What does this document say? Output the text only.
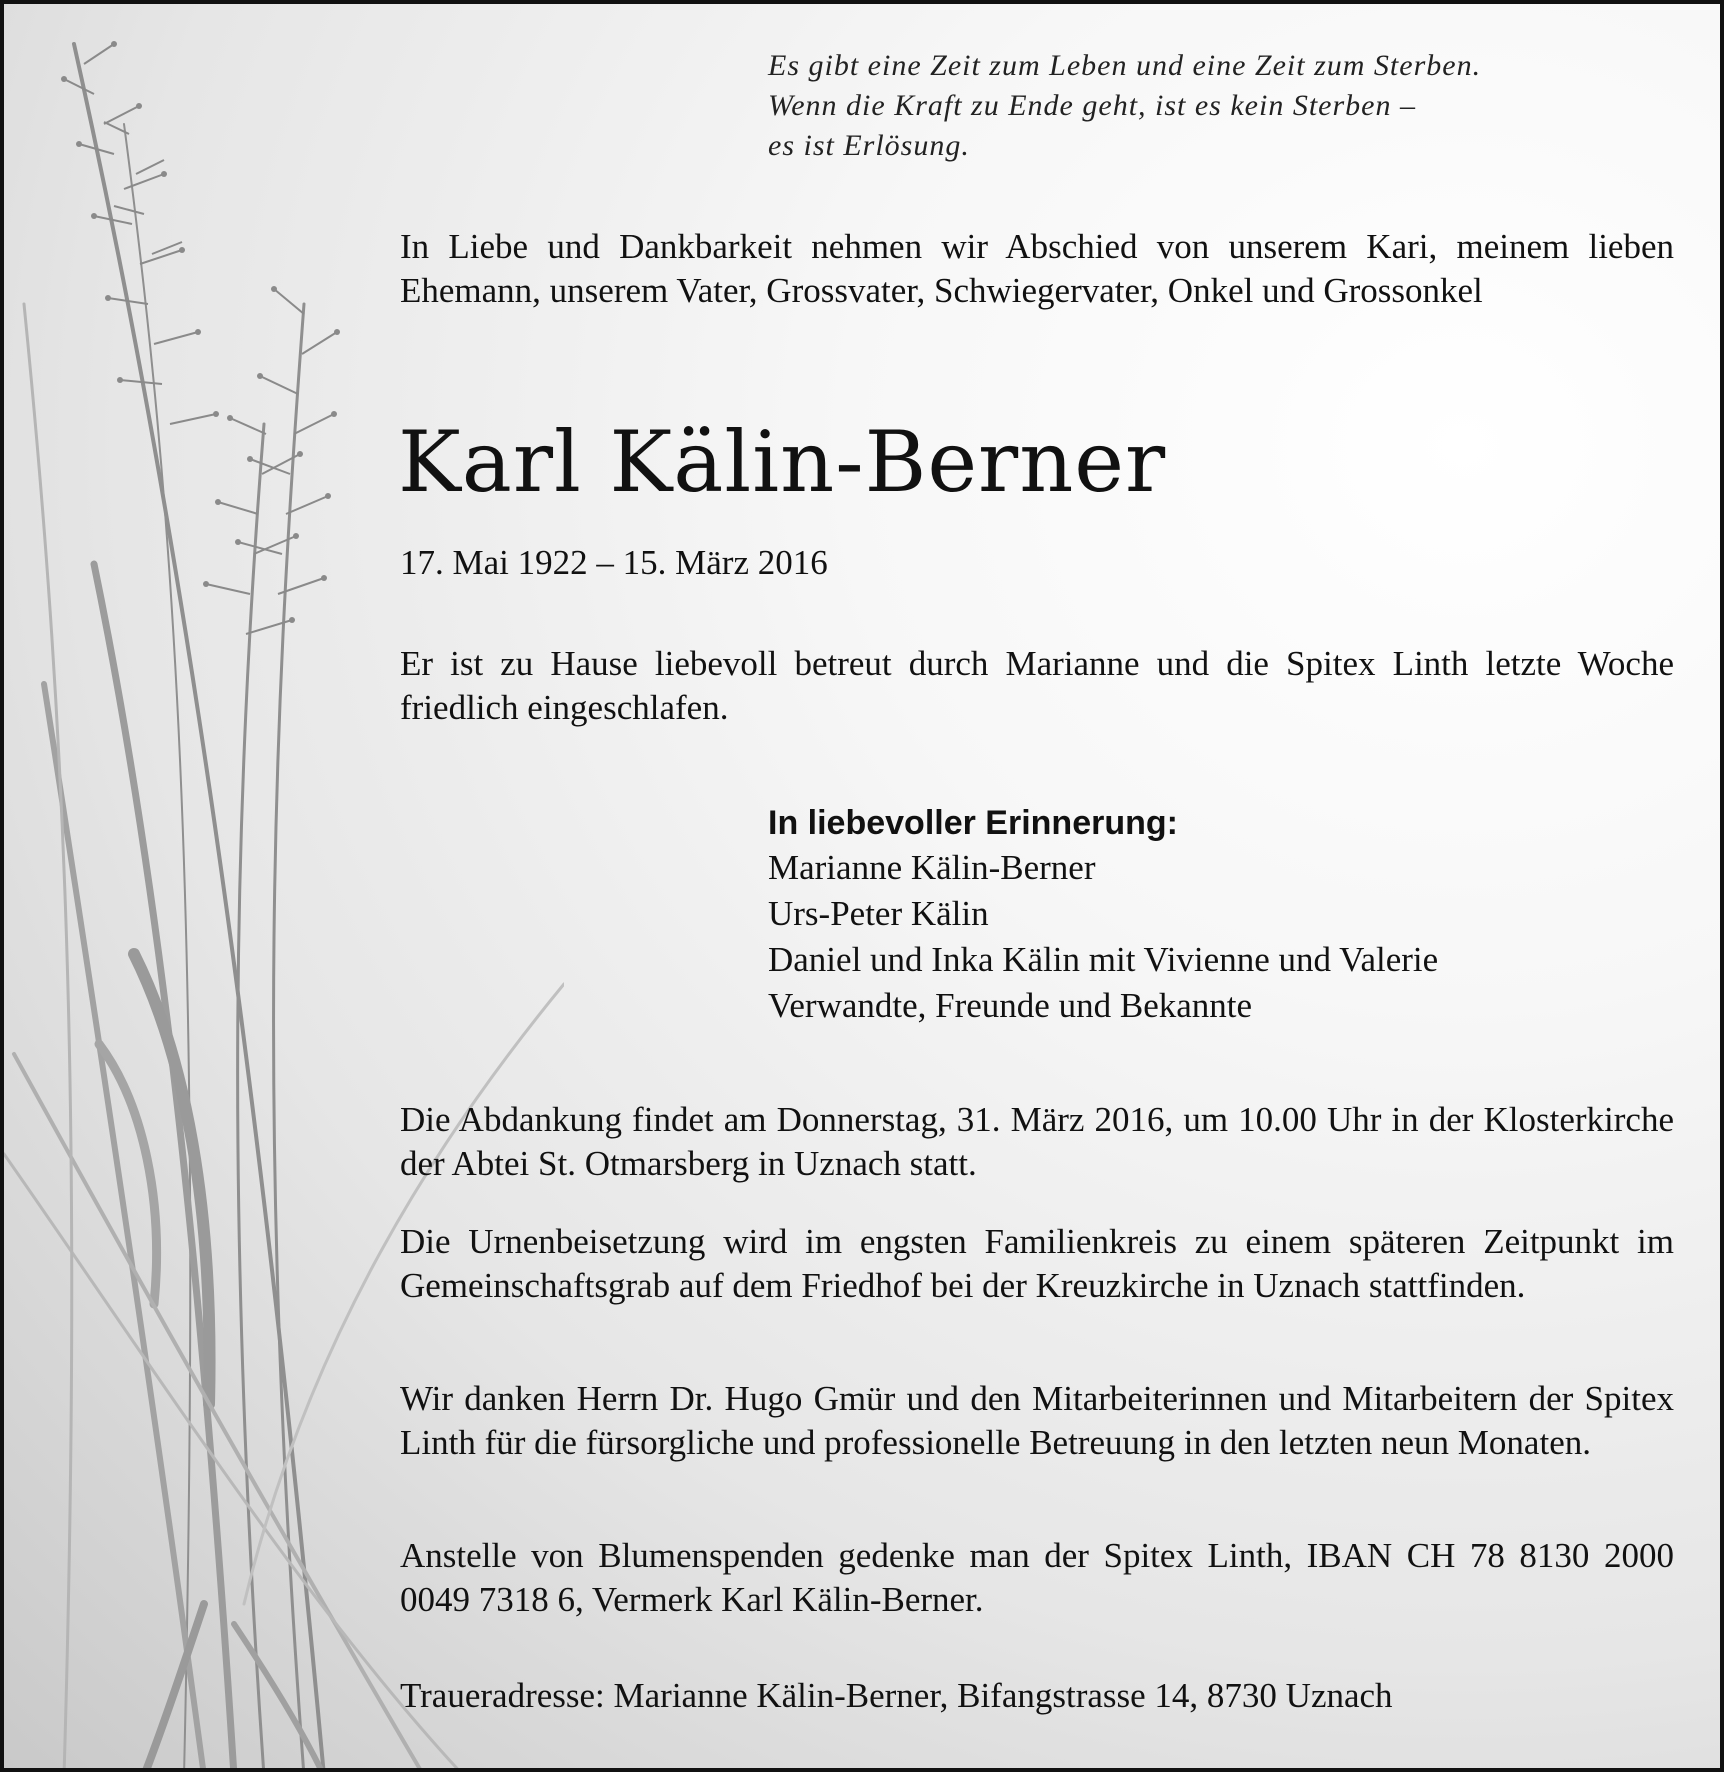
Es gibt eine Zeit zum Leben und eine Zeit zum Sterben.
Wenn die Kraft zu Ende geht, ist es kein Sterben –
es ist Erlösung.
In Liebe und Dankbarkeit nehmen wir Abschied von unserem Kari, meinem lieben Ehemann, unserem Vater, Grossvater, Schwiegervater, Onkel und Grossonkel
Karl Kälin-Berner
17. Mai 1922 – 15. März 2016
Er ist zu Hause liebevoll betreut durch Marianne und die Spitex Linth letzte Woche friedlich eingeschlafen.
In liebevoller Erinnerung:
Marianne Kälin-Berner
Urs-Peter Kälin
Daniel und Inka Kälin mit Vivienne und Valerie
Verwandte, Freunde und Bekannte
Die Abdankung findet am Donnerstag, 31. März 2016, um 10.00 Uhr in der Klosterkirche der Abtei St. Otmarsberg in Uznach statt.
Die Urnenbeisetzung wird im engsten Familienkreis zu einem späteren Zeitpunkt im Gemeinschaftsgrab auf dem Friedhof bei der Kreuzkirche in Uznach stattfinden.
Wir danken Herrn Dr. Hugo Gmür und den Mitarbeiterinnen und Mitarbeitern der Spitex Linth für die fürsorgliche und professionelle Betreuung in den letzten neun Monaten.
Anstelle von Blumenspenden gedenke man der Spitex Linth, IBAN CH 78 8130 2000 0049 7318 6, Vermerk Karl Kälin-Berner.
Traueradresse: Marianne Kälin-Berner, Bifangstrasse 14, 8730 Uznach
